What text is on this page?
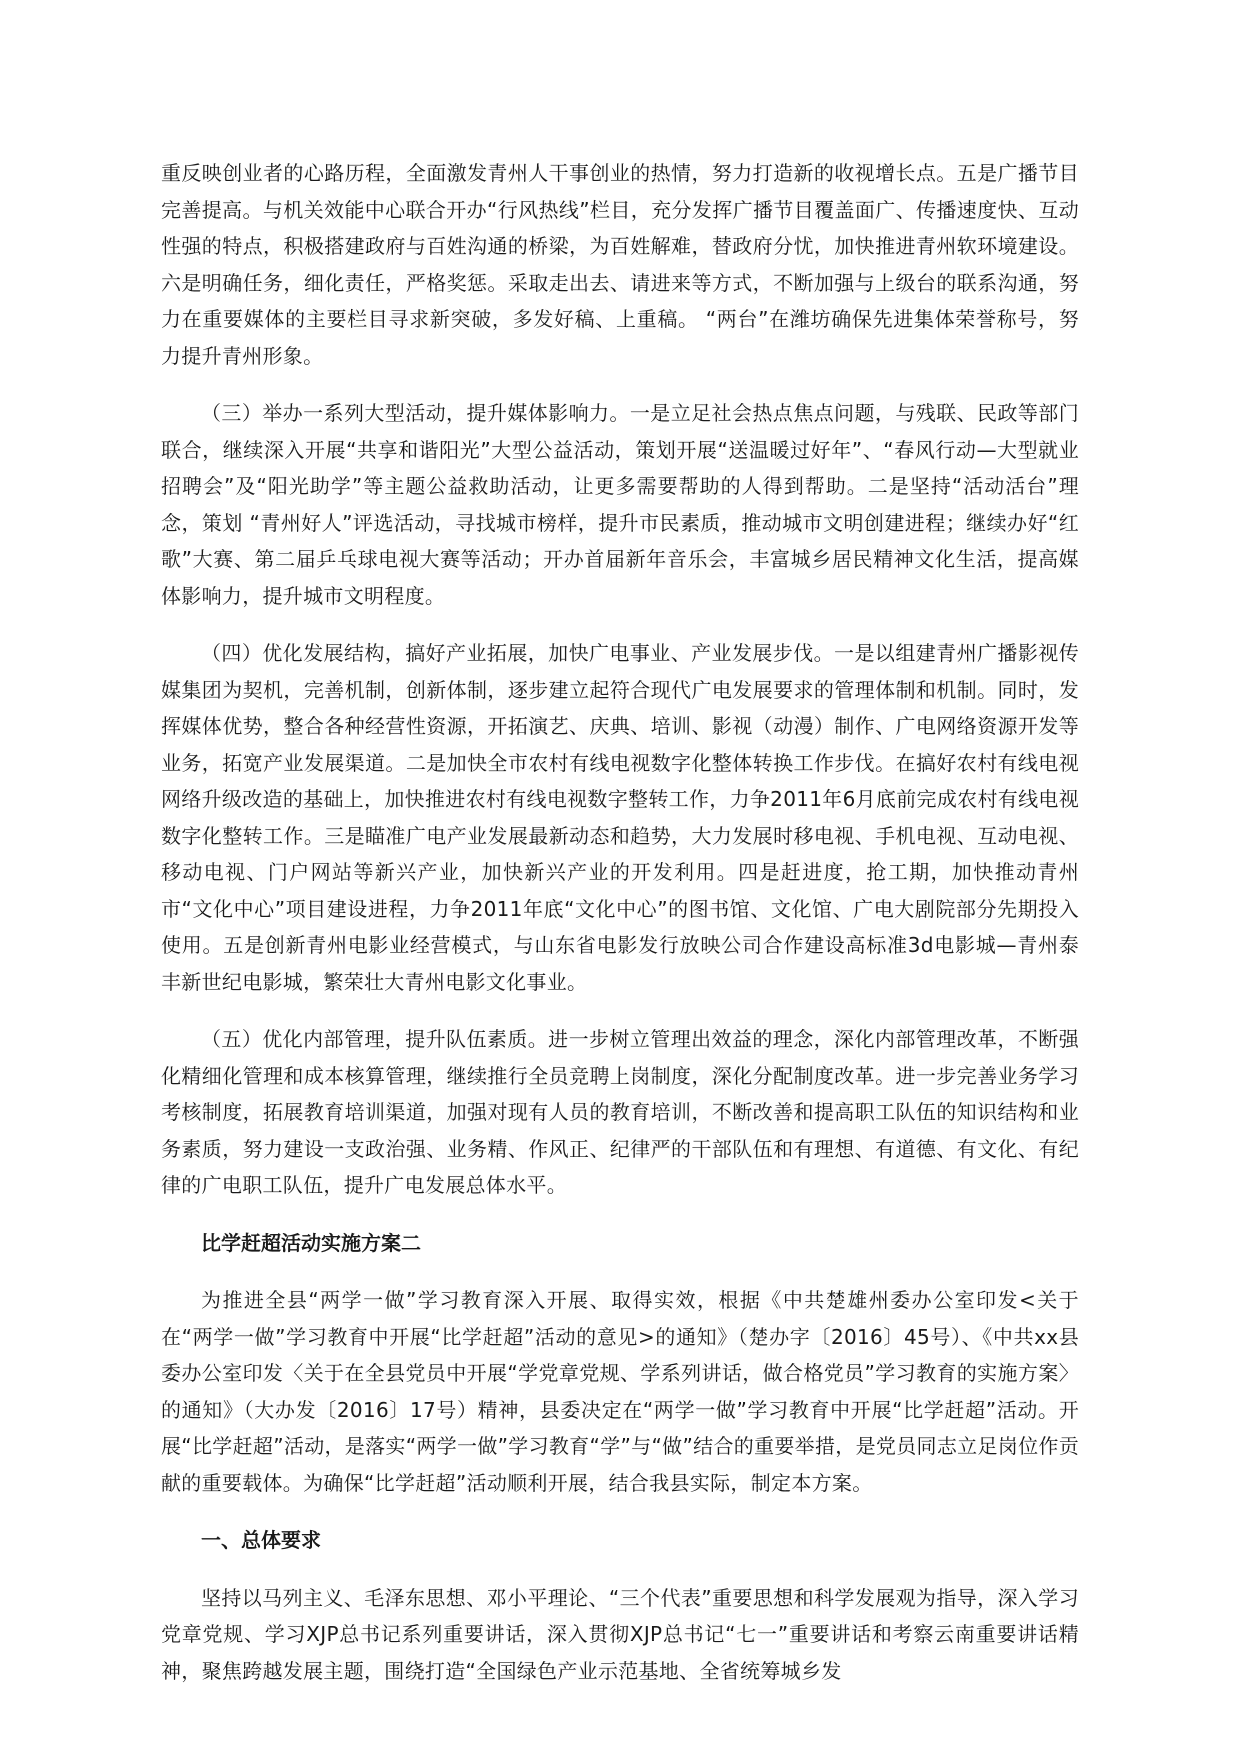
重反映创业者的心路历程，全面激发青州人干事创业的热情，努力打造新的收视增长点。五是广播节目完善提高。与机关效能中心联合开办“行风热线”栏目，充分发挥广播节目覆盖面广、传播速度快、互动性强的特点，积极搭建政府与百姓沟通的桥梁，为百姓解难，替政府分忧，加快推进青州软环境建设。六是明确任务，细化责任，严格奖惩。采取走出去、请进来等方式，不断加强与上级台的联系沟通，努力在重要媒体的主要栏目寻求新突破，多发好稿、上重稿。 “两台”在潍坊确保先进集体荣誉称号，努力提升青州形象。

（三）举办一系列大型活动，提升媒体影响力。一是立足社会热点焦点问题，与残联、民政等部门联合，继续深入开展“共享和谐阳光”大型公益活动，策划开展“送温暖过好年”、“春风行动—大型就业招聘会”及“阳光助学”等主题公益救助活动，让更多需要帮助的人得到帮助。二是坚持“活动活台”理念，策划 “青州好人”评选活动，寻找城市榜样，提升市民素质，推动城市文明创建进程；继续办好“红歌”大赛、第二届乒乓球电视大赛等活动；开办首届新年音乐会，丰富城乡居民精神文化生活，提高媒体影响力，提升城市文明程度。

（四）优化发展结构，搞好产业拓展，加快广电事业、产业发展步伐。一是以组建青州广播影视传媒集团为契机，完善机制，创新体制，逐步建立起符合现代广电发展要求的管理体制和机制。同时，发挥媒体优势，整合各种经营性资源，开拓演艺、庆典、培训、影视（动漫）制作、广电网络资源开发等业务，拓宽产业发展渠道。二是加快全市农村有线电视数字化整体转换工作步伐。在搞好农村有线电视网络升级改造的基础上，加快推进农村有线电视数字整转工作，力争2011年6月底前完成农村有线电视数字化整转工作。三是瞄准广电产业发展最新动态和趋势，大力发展时移电视、手机电视、互动电视、移动电视、门户网站等新兴产业，加快新兴产业的开发利用。四是赶进度，抢工期，加快推动青州市“文化中心”项目建设进程，力争2011年底“文化中心”的图书馆、文化馆、广电大剧院部分先期投入使用。五是创新青州电影业经营模式，与山东省电影发行放映公司合作建设高标准3d电影城—青州泰丰新世纪电影城，繁荣壮大青州电影文化事业。

（五）优化内部管理，提升队伍素质。进一步树立管理出效益的理念，深化内部管理改革，不断强化精细化管理和成本核算管理，继续推行全员竞聘上岗制度，深化分配制度改革。进一步完善业务学习考核制度，拓展教育培训渠道，加强对现有人员的教育培训，不断改善和提高职工队伍的知识结构和业务素质，努力建设一支政治强、业务精、作风正、纪律严的干部队伍和有理想、有道德、有文化、有纪律的广电职工队伍，提升广电发展总体水平。

比学赶超活动实施方案二

为推进全县“两学一做”学习教育深入开展、取得实效，根据《中共楚雄州委办公室印发<关于在“两学一做”学习教育中开展“比学赶超”活动的意见>的通知》（楚办字〔2016〕45号）、《中共xx县委办公室印发〈关于在全县党员中开展“学党章党规、学系列讲话，做合格党员”学习教育的实施方案〉的通知》（大办发〔2016〕17号）精神，县委决定在“两学一做”学习教育中开展“比学赶超”活动。开展“比学赶超”活动，是落实“两学一做”学习教育“学”与“做”结合的重要举措，是党员同志立足岗位作贡献的重要载体。为确保“比学赶超”活动顺利开展，结合我县实际，制定本方案。

一、总体要求

坚持以马列主义、毛泽东思想、邓小平理论、“三个代表”重要思想和科学发展观为指导，深入学习党章党规、学习XJP总书记系列重要讲话，深入贯彻XJP总书记“七一”重要讲话和考察云南重要讲话精神，聚焦跨越发展主题，围绕打造“全国绿色产业示范基地、全省统筹城乡发
